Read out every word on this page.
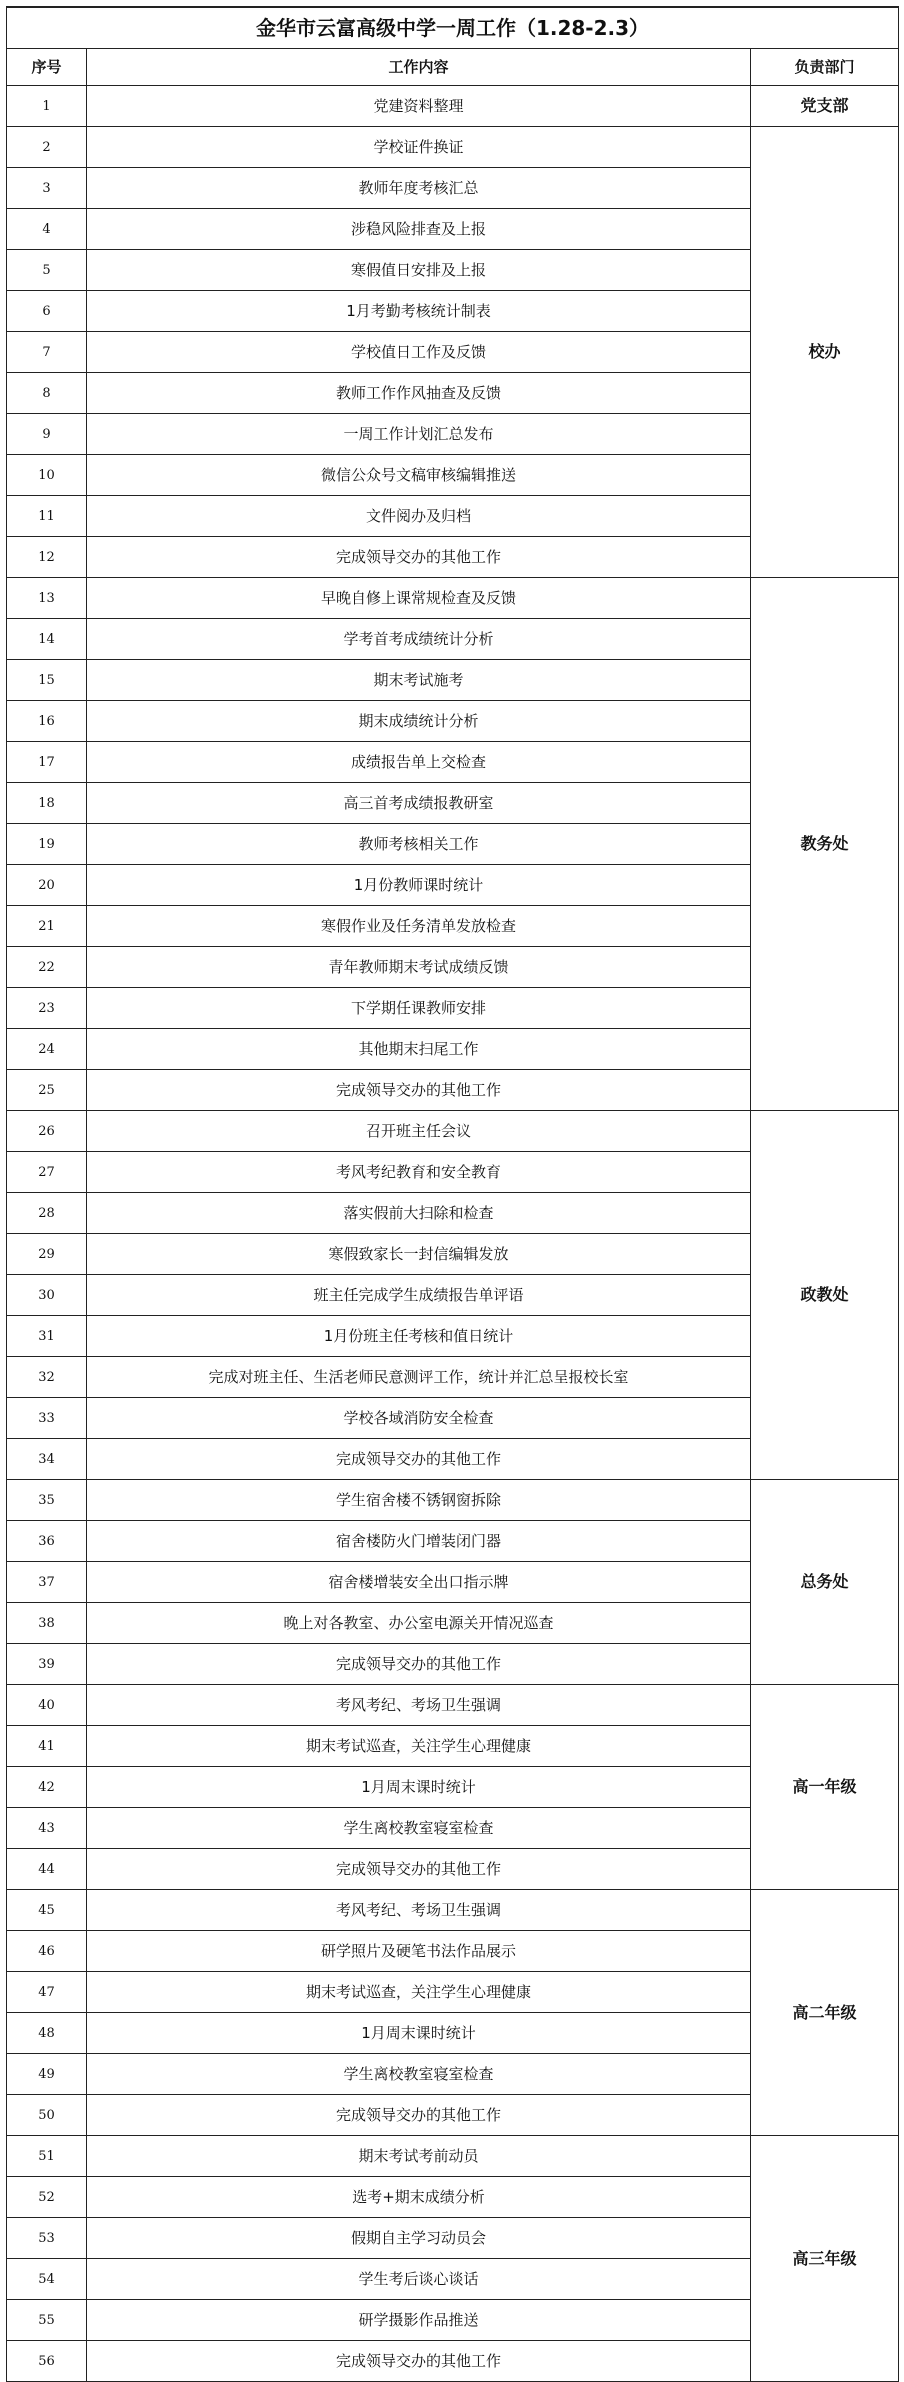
金华市云富高级中学一周工作（1.28-2.3）		
序号	工作内容	负责部门
1	党建资料整理	党支部
2	学校证件换证	校办
3	教师年度考核汇总	
4	涉稳风险排查及上报	
5	寒假值日安排及上报	
6	1月考勤考核统计制表	
7	学校值日工作及反馈	
8	教师工作作风抽查及反馈	
9	一周工作计划汇总发布	
10	微信公众号文稿审核编辑推送	
11	文件阅办及归档	
12	完成领导交办的其他工作	
13	早晚自修上课常规检查及反馈	教务处
14	学考首考成绩统计分析	
15	期末考试施考	
16	期末成绩统计分析	
17	成绩报告单上交检查	
18	高三首考成绩报教研室	
19	教师考核相关工作	
20	1月份教师课时统计	
21	寒假作业及任务清单发放检查	
22	青年教师期末考试成绩反馈	
23	下学期任课教师安排	
24	其他期末扫尾工作	
25	完成领导交办的其他工作	
26	召开班主任会议	政教处
27	考风考纪教育和安全教育	
28	落实假前大扫除和检查	
29	寒假致家长一封信编辑发放	
30	班主任完成学生成绩报告单评语	
31	1月份班主任考核和值日统计	
32	完成对班主任、生活老师民意测评工作，统计并汇总呈报校长室	
33	学校各域消防安全检查	
34	完成领导交办的其他工作	
35	学生宿舍楼不锈钢窗拆除	总务处
36	宿舍楼防火门增装闭门器	
37	宿舍楼增装安全出口指示牌	
38	晚上对各教室、办公室电源关开情况巡查	
39	完成领导交办的其他工作	
40	考风考纪、考场卫生强调	高一年级
41	期末考试巡查，关注学生心理健康	
42	1月周末课时统计	
43	学生离校教室寝室检查	
44	完成领导交办的其他工作	
45	考风考纪、考场卫生强调	高二年级
46	研学照片及硬笔书法作品展示	
47	期末考试巡查，关注学生心理健康	
48	1月周末课时统计	
49	学生离校教室寝室检查	
50	完成领导交办的其他工作	
51	期末考试考前动员	高三年级
52	选考+期末成绩分析	
53	假期自主学习动员会	
54	学生考后谈心谈话	
55	研学摄影作品推送	
56	完成领导交办的其他工作	
